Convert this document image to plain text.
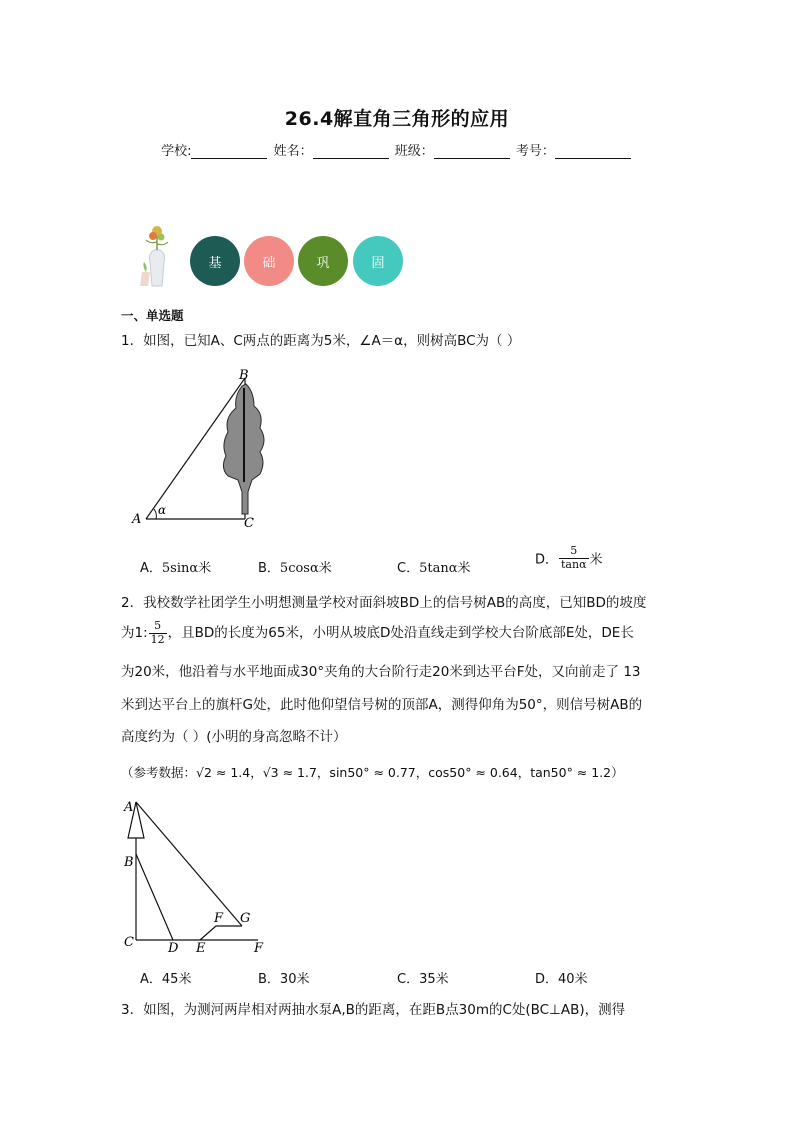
26.4解直角三角形的应用
学校:	姓名：	班级：	考号：
基	础	巩	固
一、单选题
1．如图，已知A、C两点的距离为5米，∠A＝α，则树高BC为（ ）
B
A
α
C
A．5sinα米	B．5cosα米	C．5tanα米
D． $\frac{5}{\tan\alpha}$ 米
2．我校数学社团学生小明想测量学校对面斜坡BD上的信号树AB的高度，已知BD的坡度
为1: $\frac{5}{12}$ ，且BD的长度为65米，小明从坡底D处沿直线走到学校大台阶底部E处，DE长
为20米，他沿着与水平地面成30°夹角的大台阶行走20米到达平台F处，又向前走了 13
米到达平台上的旗杆G处，此时他仰望信号树的顶部A，测得仰角为50°，则信号树AB的
高度约为（ ）(小明的身高忽略不计）
（参考数据：√2 ≈ 1.4，√3 ≈ 1.7，sin50° ≈ 0.77，cos50° ≈ 0.64，tan50° ≈ 1.2）
A
B
C	D E
F G
F
A．45米	B．30米	C．35米	D．40米
3．如图，为测河两岸相对两抽水泵A,B的距离，在距B点30m的C处(BC⊥AB)，测得
